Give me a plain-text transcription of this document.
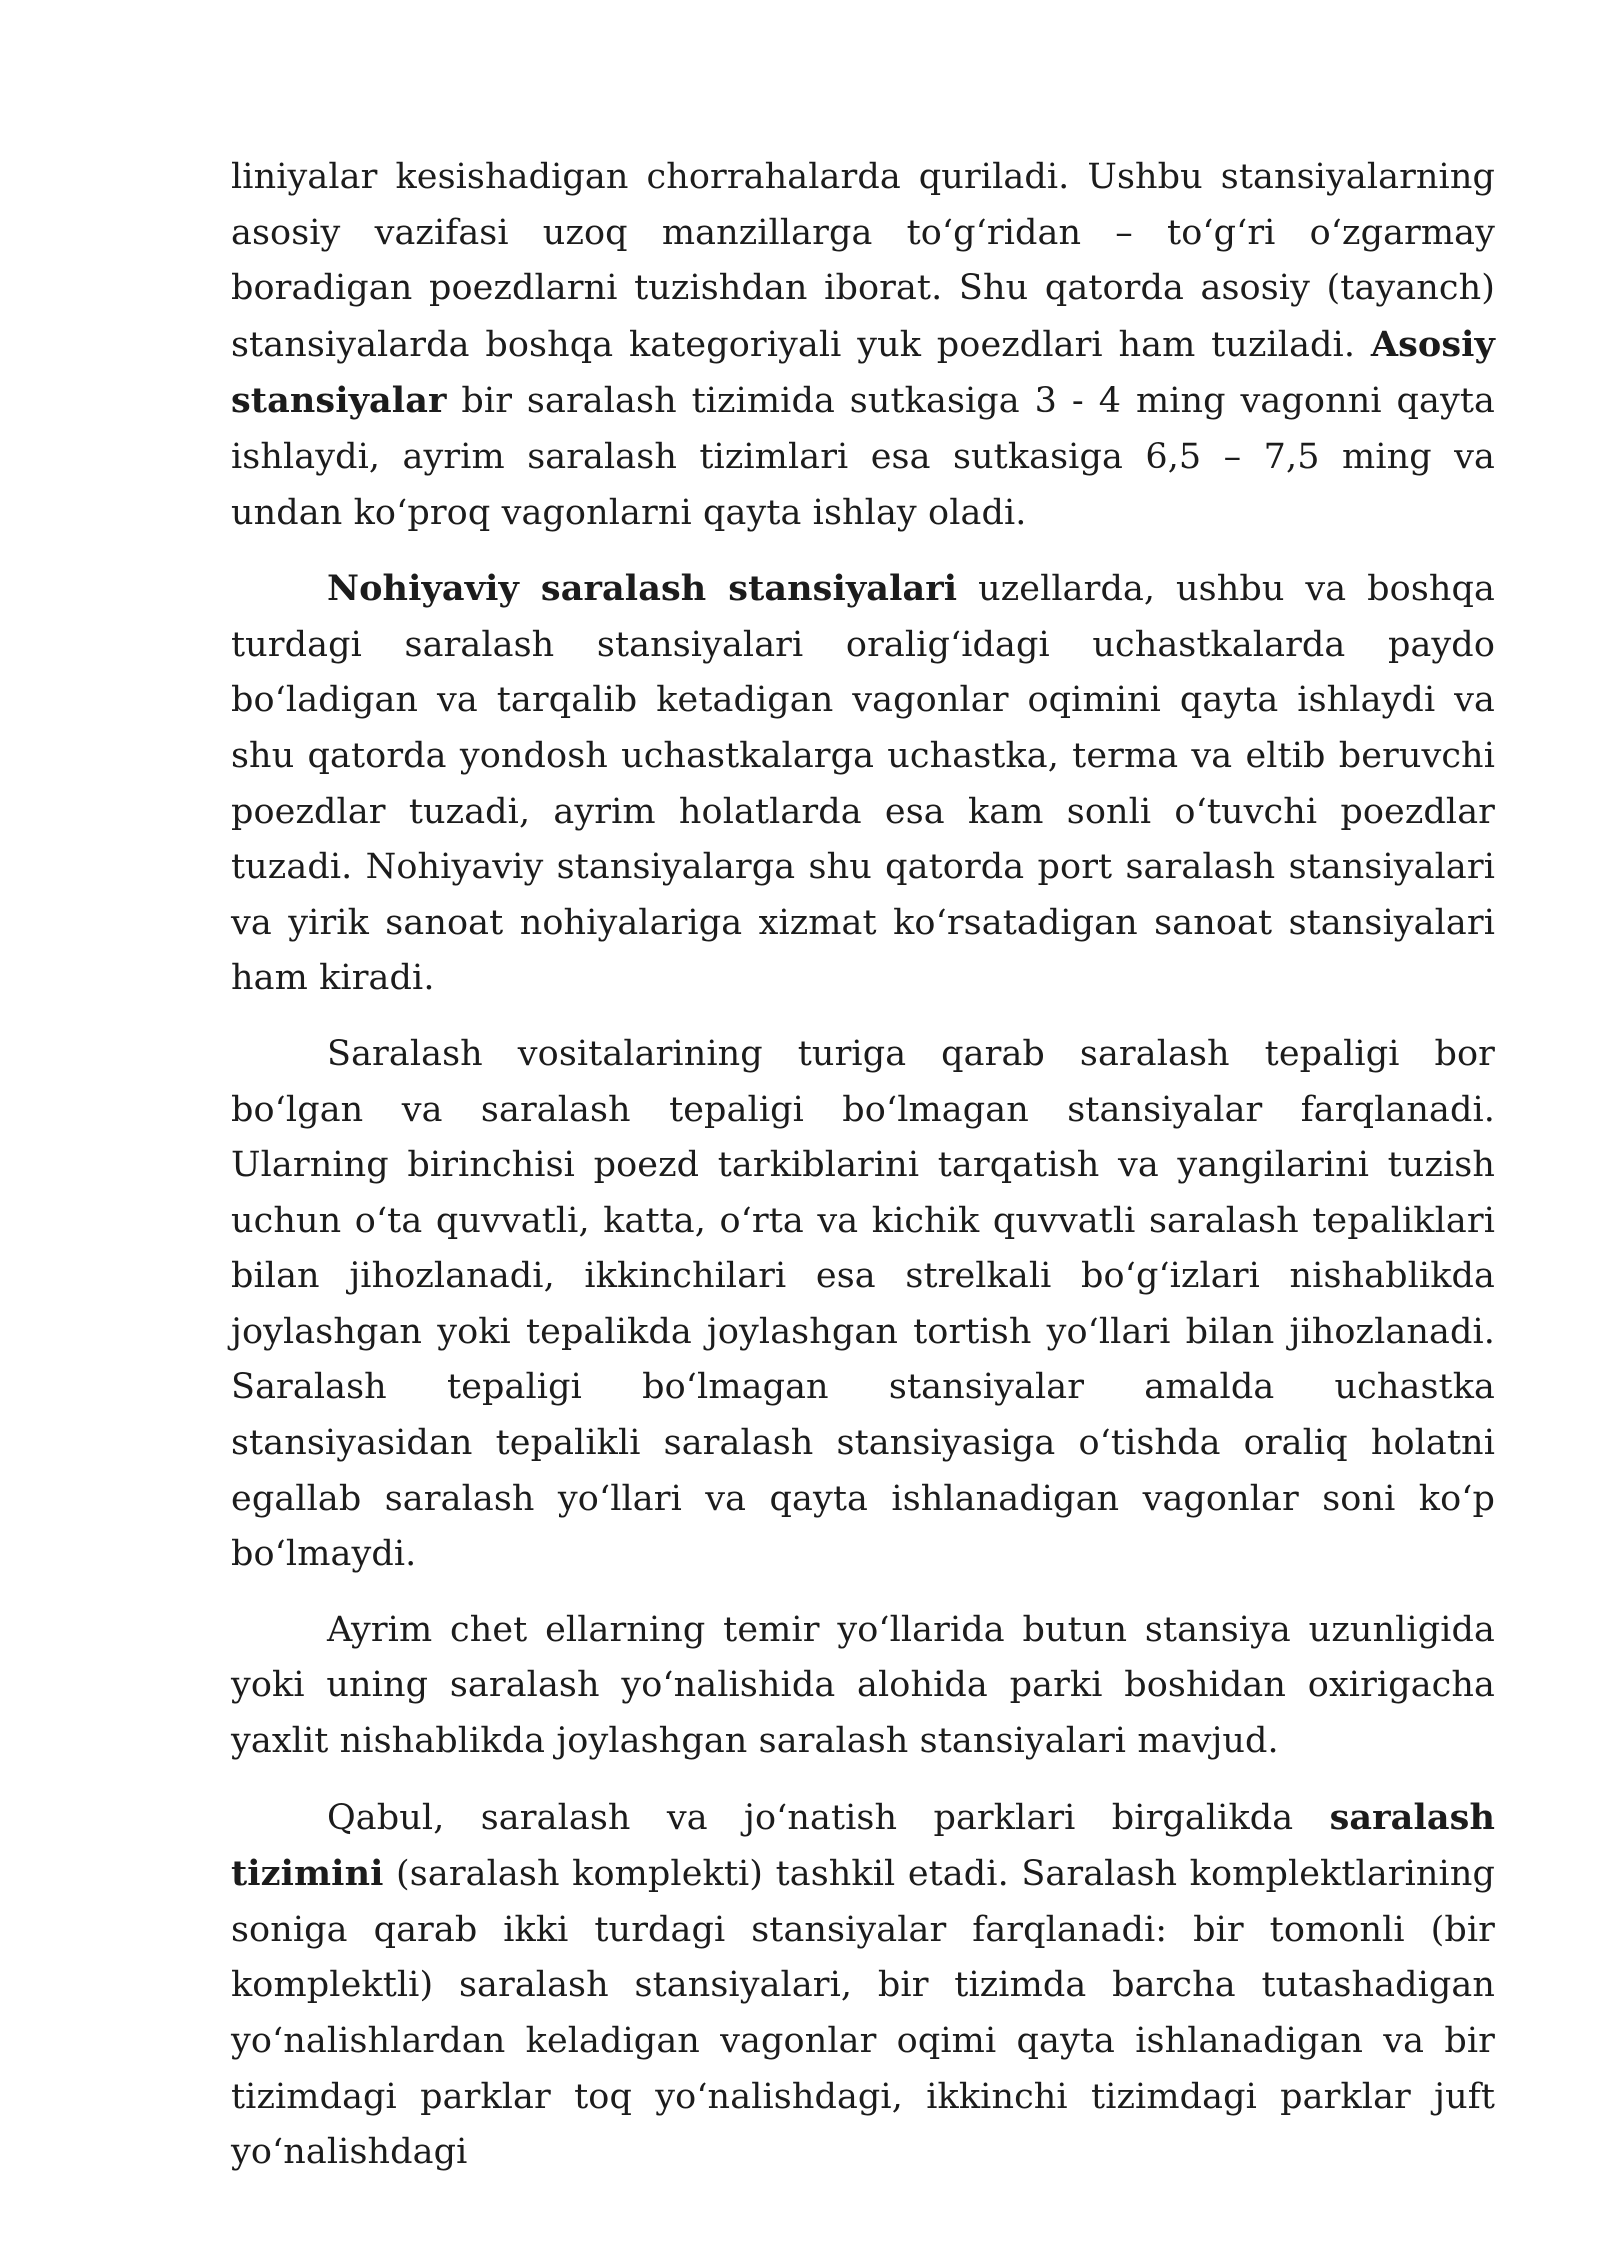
liniyalar kesishadigan chorrahalarda quriladi. Ushbu stansiyalarning asosiy vazifasi uzoq manzillarga to‘g‘ridan – to‘g‘ri o‘zgarmay boradigan poezdlarni tuzishdan iborat. Shu qatorda asosiy (tayanch) stansiyalarda boshqa kategoriyali yuk poezdlari ham tuziladi. Asosiy stansiyalar bir saralash tizimida sutkasiga 3 - 4 ming vagonni qayta ishlaydi, ayrim saralash tizimlari esa sutkasiga 6,5 – 7,5 ming va undan ko‘proq vagonlarni qayta ishlay oladi.

Nohiyaviy saralash stansiyalari uzellarda, ushbu va boshqa turdagi saralash stansiyalari oralig‘idagi uchastkalarda paydo bo‘ladigan va tarqalib ketadigan vagonlar oqimini qayta ishlaydi va shu qatorda yondosh uchastkalarga uchastka, terma va eltib beruvchi poezdlar tuzadi, ayrim holatlarda esa kam sonli o‘tuvchi poezdlar tuzadi. Nohiyaviy stansiyalarga shu qatorda port saralash stansiyalari va yirik sanoat nohiyalariga xizmat ko‘rsatadigan sanoat stansiyalari ham kiradi.

Saralash vositalarining turiga qarab saralash tepaligi bor bo‘lgan va saralash tepaligi bo‘lmagan stansiyalar farqlanadi. Ularning birinchisi poezd tarkiblarini tarqatish va yangilarini tuzish uchun o‘ta quvvatli, katta, o‘rta va kichik quvvatli saralash tepaliklari bilan jihozlanadi, ikkinchilari esa strelkali bo‘g‘izlari nishablikda joylashgan yoki tepalikda joylashgan tortish yo‘llari bilan jihozlanadi. Saralash tepaligi bo‘lmagan stansiyalar amalda uchastka stansiyasidan tepalikli saralash stansiyasiga o‘tishda oraliq holatni egallab saralash yo‘llari va qayta ishlanadigan vagonlar soni ko‘p bo‘lmaydi.

Ayrim chet ellarning temir yo‘llarida butun stansiya uzunligida yoki uning saralash yo‘nalishida alohida parki boshidan oxirigacha yaxlit nishablikda joylashgan saralash stansiyalari mavjud.

Qabul, saralash va jo‘natish parklari birgalikda saralash tizimini (saralash komplekti) tashkil etadi. Saralash komplektlarining soniga qarab ikki turdagi stansiyalar farqlanadi: bir tomonli (bir komplektli) saralash stansiyalari, bir tizimda barcha tutashadigan yo‘nalishlardan keladigan vagonlar oqimi qayta ishlanadigan va bir tizimdagi parklar toq yo‘nalishdagi, ikkinchi tizimdagi parklar juft yo‘nalishdagi
